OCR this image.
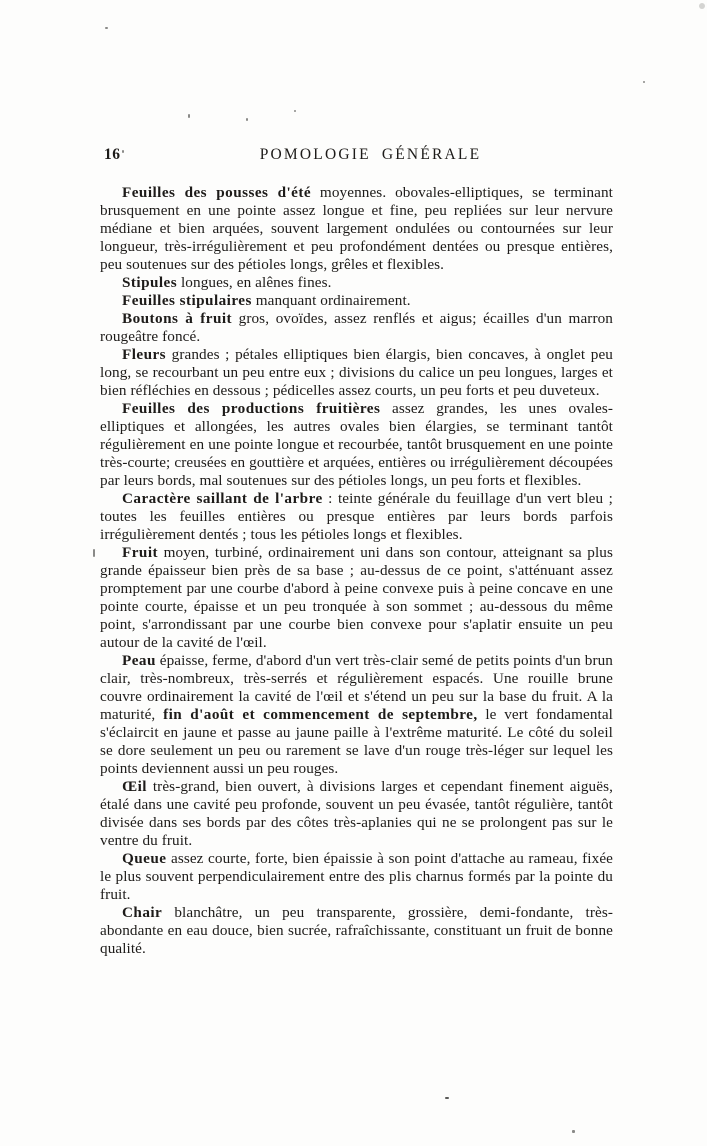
16	POMOLOGIE GÉNÉRALE

Feuilles des pousses d'été moyennes. obovales-elliptiques, se terminant brusquement en une pointe assez longue et fine, peu repliées sur leur nervure médiane et bien arquées, souvent largement ondulées ou contournées sur leur longueur, très-irrégulièrement et peu profondément dentées ou presque entières, peu soutenues sur des pétioles longs, grêles et flexibles.

Stipules longues, en alênes fines.

Feuilles stipulaires manquant ordinairement.

Boutons à fruit gros, ovoïdes, assez renflés et aigus; écailles d'un marron rougeâtre foncé.

Fleurs grandes ; pétales elliptiques bien élargis, bien concaves, à onglet peu long, se recourbant un peu entre eux ; divisions du calice un peu longues, larges et bien réfléchies en dessous ; pédicelles assez courts, un peu forts et peu duveteux.

Feuilles des productions fruitières assez grandes, les unes ovales-elliptiques et allongées, les autres ovales bien élargies, se terminant tantôt régulièrement en une pointe longue et recourbée, tantôt brusquement en une pointe très-courte; creusées en gouttière et arquées, entières ou irrégulièrement découpées par leurs bords, mal soutenues sur des pétioles longs, un peu forts et flexibles.

Caractère saillant de l'arbre : teinte générale du feuillage d'un vert bleu ; toutes les feuilles entières ou presque entières par leurs bords parfois irrégulièrement dentés ; tous les pétioles longs et flexibles.

Fruit moyen, turbiné, ordinairement uni dans son contour, atteignant sa plus grande épaisseur bien près de sa base ; au-dessus de ce point, s'atténuant assez promptement par une courbe d'abord à peine convexe puis à peine concave en une pointe courte, épaisse et un peu tronquée à son sommet ; au-dessous du même point, s'arrondissant par une courbe bien convexe pour s'aplatir ensuite un peu autour de la cavité de l'œil.

Peau épaisse, ferme, d'abord d'un vert très-clair semé de petits points d'un brun clair, très-nombreux, très-serrés et régulièrement espacés. Une rouille brune couvre ordinairement la cavité de l'œil et s'étend un peu sur la base du fruit. A la maturité, fin d'août et commencement de septembre, le vert fondamental s'éclaircit en jaune et passe au jaune paille à l'extrême maturité. Le côté du soleil se dore seulement un peu ou rarement se lave d'un rouge très-léger sur lequel les points deviennent aussi un peu rouges.

Œil très-grand, bien ouvert, à divisions larges et cependant finement aiguës, étalé dans une cavité peu profonde, souvent un peu évasée, tantôt régulière, tantôt divisée dans ses bords par des côtes très-aplanies qui ne se prolongent pas sur le ventre du fruit.

Queue assez courte, forte, bien épaissie à son point d'attache au rameau, fixée le plus souvent perpendiculairement entre des plis charnus formés par la pointe du fruit.

Chair blanchâtre, un peu transparente, grossière, demi-fondante, très-abondante en eau douce, bien sucrée, rafraîchissante, constituant un fruit de bonne qualité.
